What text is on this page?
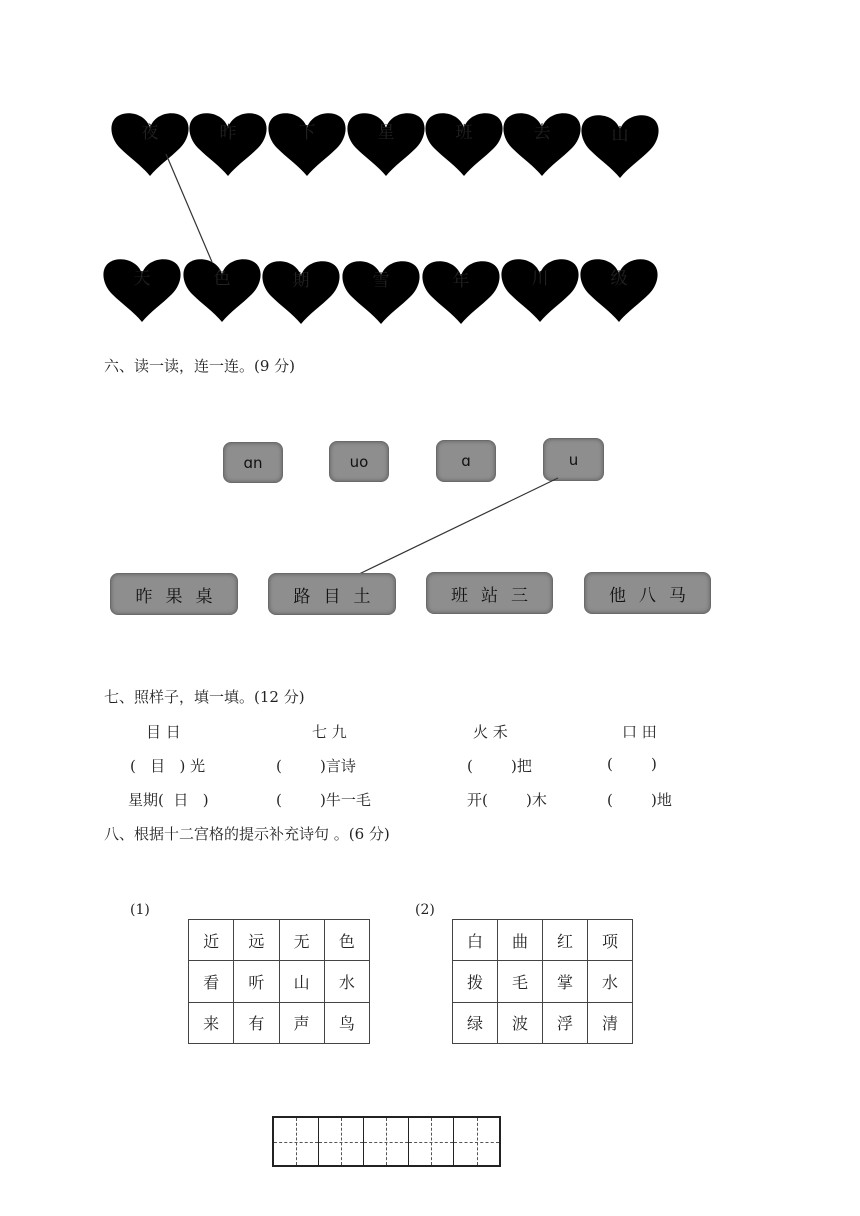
夜	昨	下	星	班	去	山
天	色	期	雪	年	川	级
六、读一读，连一连。(9 分)
ɑn	uo	ɑ	u
昨果桌	路目土	班站三	他八马
七、照样子，填一填。(12 分)
目 日	七 九	火 禾	口 田
(   目   ) 光	(        )言诗	(        )把	(        )
星期(  日   )	(        )牛一毛	开(        )木	(        )地
八、根据十二宫格的提示补充诗句 。(6 分)
(1)	(2)
近	远	无	色
看	听	山	水
来	有	声	鸟
白	曲	红	项
拨	毛	掌	水
绿	波	浮	清
